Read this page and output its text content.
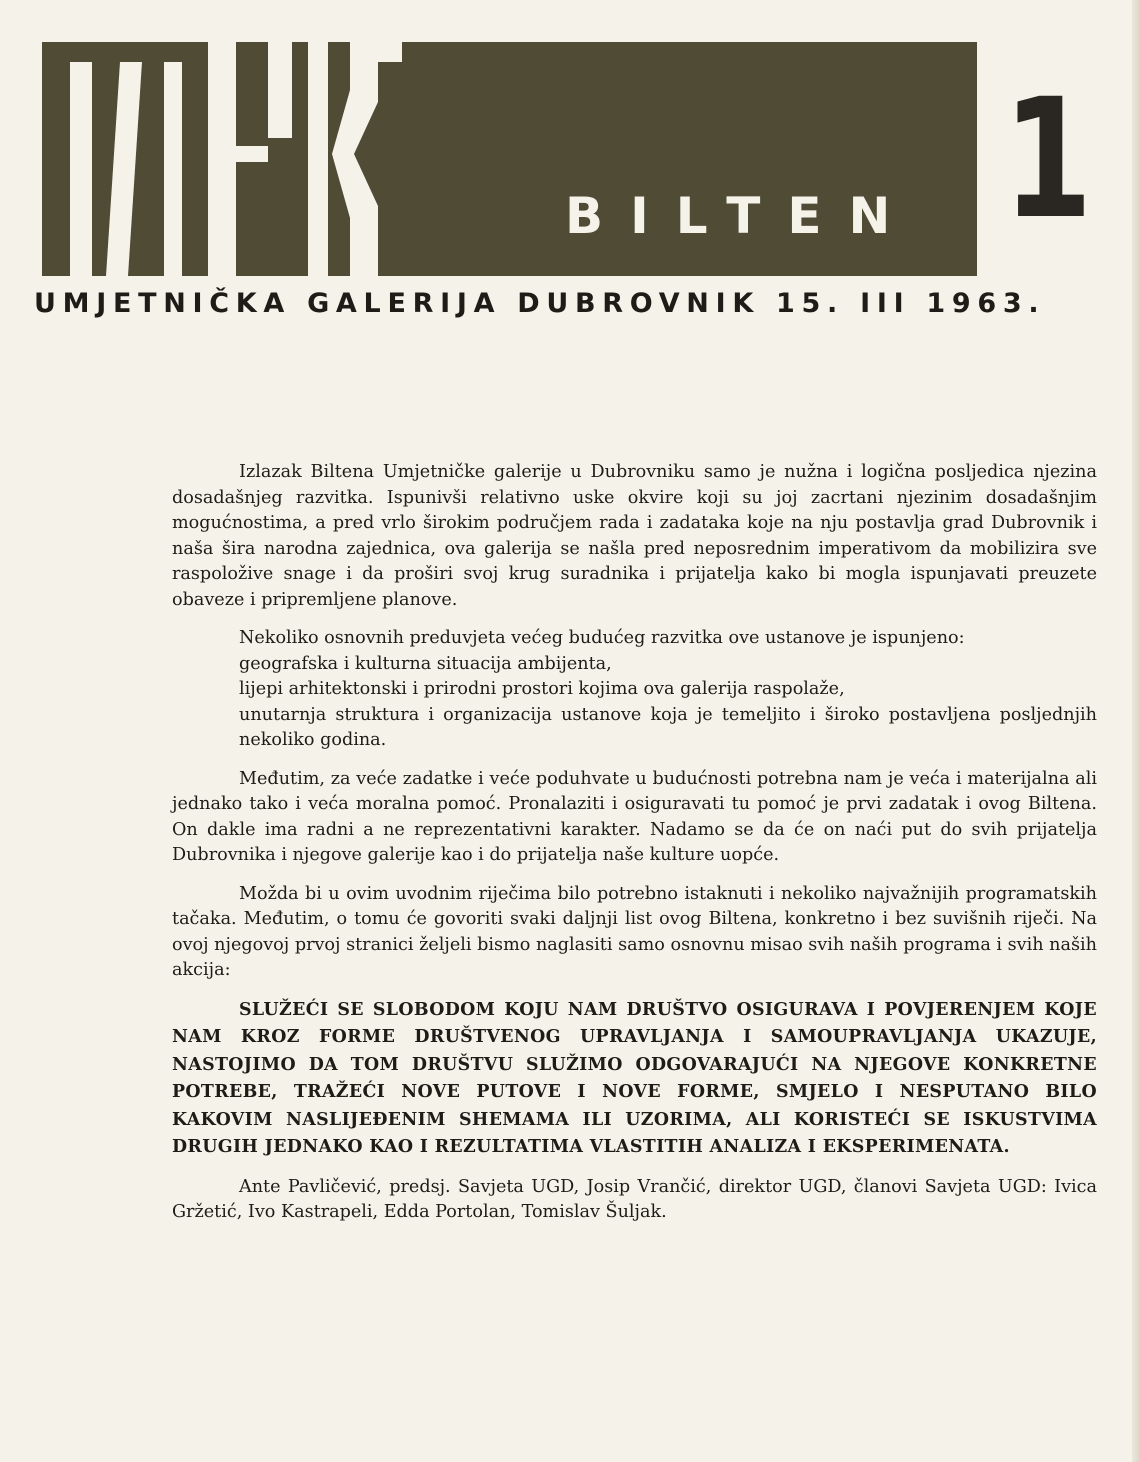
BILTEN 1
UMJETNIČKA GALERIJA DUBROVNIK 15. III 1963.

Izlazak Biltena Umjetničke galerije u Dubrovniku samo je nužna i logična posljedica njezina dosadašnjeg razvitka. Ispunivši relativno uske okvire koji su joj zacrtani njezinim dosadašnjim mogućnostima, a pred vrlo širokim područjem rada i zadataka koje na nju postavlja grad Dubrovnik i naša šira narodna zajednica, ova galerija se našla pred neposrednim imperativom da mobilizira sve raspoložive snage i da proširi svoj krug suradnika i prijatelja kako bi mogla ispunjavati preuzete obaveze i pripremljene planove.

Nekoliko osnovnih preduvjeta većeg budućeg razvitka ove ustanove je ispunjeno:
geografska i kulturna situacija ambijenta,
lijepi arhitektonski i prirodni prostori kojima ova galerija raspolaže,
unutarnja struktura i organizacija ustanove koja je temeljito i široko postavljena posljednjih nekoliko godina.

Međutim, za veće zadatke i veće poduhvate u budućnosti potrebna nam je veća i materijalna ali jednako tako i veća moralna pomoć. Pronalaziti i osiguravati tu pomoć je prvi zadatak i ovog Biltena. On dakle ima radni a ne reprezentativni karakter. Nadamo se da će on naći put do svih prijatelja Dubrovnika i njegove galerije kao i do prijatelja naše kulture uopće.

Možda bi u ovim uvodnim riječima bilo potrebno istaknuti i nekoliko najvažnijih programatskih tačaka. Međutim, o tomu će govoriti svaki daljnji list ovog Biltena, konkretno i bez suvišnih riječi. Na ovoj njegovoj prvoj stranici željeli bismo naglasiti samo osnovnu misao svih naših programa i svih naših akcija:

SLUŽEĆI SE SLOBODOM KOJU NAM DRUŠTVO OSIGURAVA I POVJERENJEM KOJE NAM KROZ FORME DRUŠTVENOG UPRAVLJANJA I SAMOUPRAVLJANJA UKAZUJE, NASTOJIMO DA TOM DRUŠTVU SLUŽIMO ODGOVARAJUĆI NA NJEGOVE KONKRETNE POTREBE, TRAŽEĆI NOVE PUTOVE I NOVE FORME, SMJELO I NESPUTANO BILO KAKOVIM NASLIJEĐENIM SHEMAMA ILI UZORIMA, ALI KORISTEĆI SE ISKUSTVIMA DRUGIH JEDNAKO KAO I REZULTATIMA VLASTITIH ANALIZA I EKSPERIMENATA.

Ante Pavličević, predsj. Savjeta UGD, Josip Vrančić, direktor UGD, članovi Savjeta UGD: Ivica Gržetić, Ivo Kastrapeli, Edda Portolan, Tomislav Šuljak.
